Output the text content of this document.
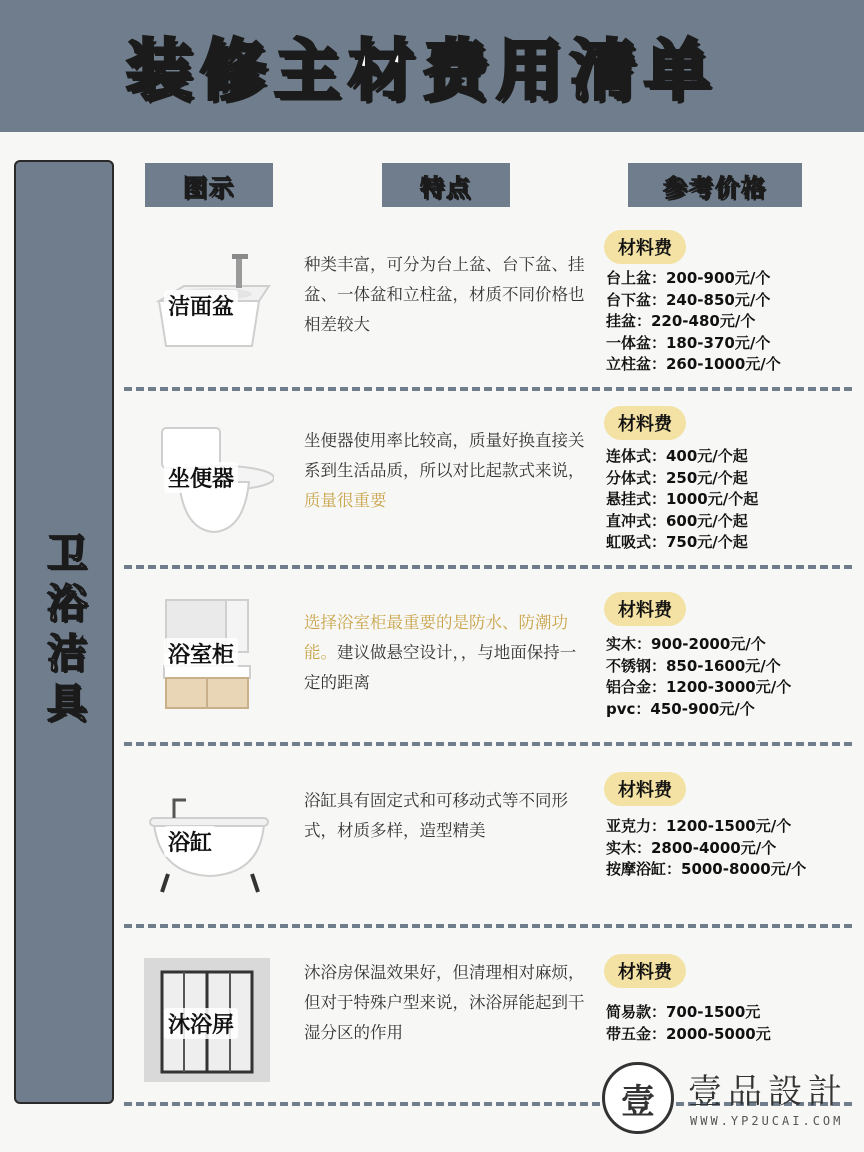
装修主材费用清单
卫浴洁具
图示	特点	参考价格
洁面盆
种类丰富，可分为台上盆、台下盆、挂盆、一体盆和立柱盆，材质不同价格也相差较大
材料费
台上盆：200-900元/个
台下盆：240-850元/个
挂盆：220-480元/个
一体盆：180-370元/个
立柱盆：260-1000元/个
坐便器
坐便器使用率比较高，质量好换直接关系到生活品质，所以对比起款式来说，质量很重要
材料费
连体式：400元/个起
分体式：250元/个起
悬挂式：1000元/个起
直冲式：600元/个起
虹吸式：750元/个起
浴室柜
选择浴室柜最重要的是防水、防潮功能。建议做悬空设计，，与地面保持一定的距离
材料费
实木：900-2000元/个
不锈钢：850-1600元/个
铝合金：1200-3000元/个
pvc：450-900元/个
浴缸
浴缸具有固定式和可移动式等不同形式，材质多样，造型精美
材料费
亚克力：1200-1500元/个
实木：2800-4000元/个
按摩浴缸：5000-8000元/个
沐浴屏
沐浴房保温效果好，但清理相对麻烦，但对于特殊户型来说，沐浴屏能起到干湿分区的作用
材料费
简易款：700-1500元
带五金：2000-5000元
壹 壹品設計
WWW.YP2UCAI.COM
